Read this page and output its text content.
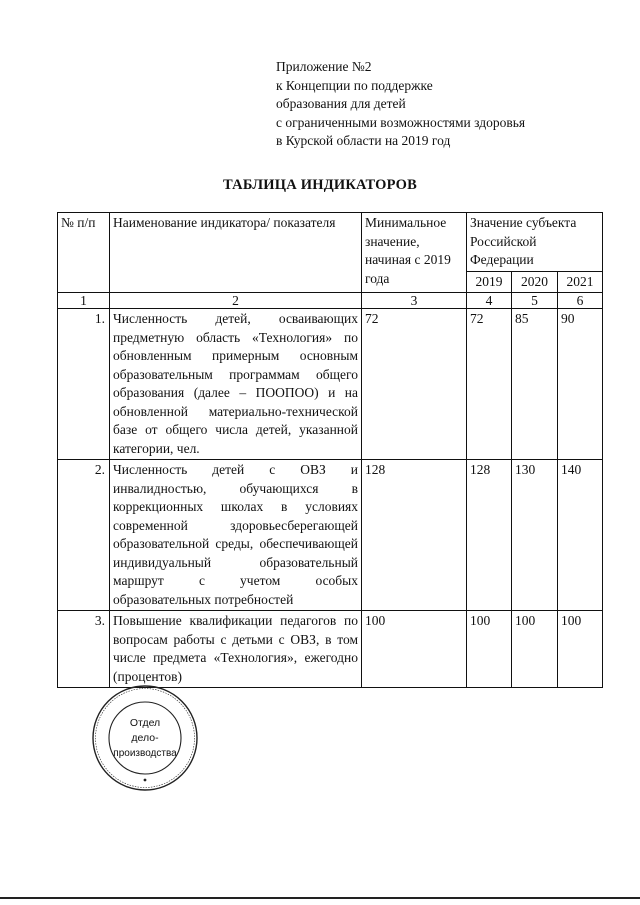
Приложение №2
к Концепции по поддержке
образования для детей
с ограниченными возможностями здоровья
в Курской области на 2019 год
ТАБЛИЦА ИНДИКАТОРОВ
№ п/п	Наименование индикатора/ показателя	Минимальное значение, начиная с 2019 года	Значение субъекта Российской Федерации		
			2019	2020	2021
1	2	3	4	5	6
1.	Численность детей, осваивающих предметную область «Технология» по обновленным примерным основным образовательным программам общего образования (далее – ПООПОО) и на обновленной материально-технической базе от общего числа детей, указанной категории, чел.	72	72	85	90
2.	Численность детей с ОВЗ и инвалидностью, обучающихся в коррекционных школах в условиях современной здоровьесберегающей образовательной среды, обеспечивающей индивидуальный образовательный маршрут с учетом особых образовательных потребностей	128	128	130	140
3.	Повышение квалификации педагогов по вопросам работы с детьми с ОВЗ, в том числе предмета «Технология», ежегодно (процентов)	100	100	100	100
Отдел
дело-
производства
